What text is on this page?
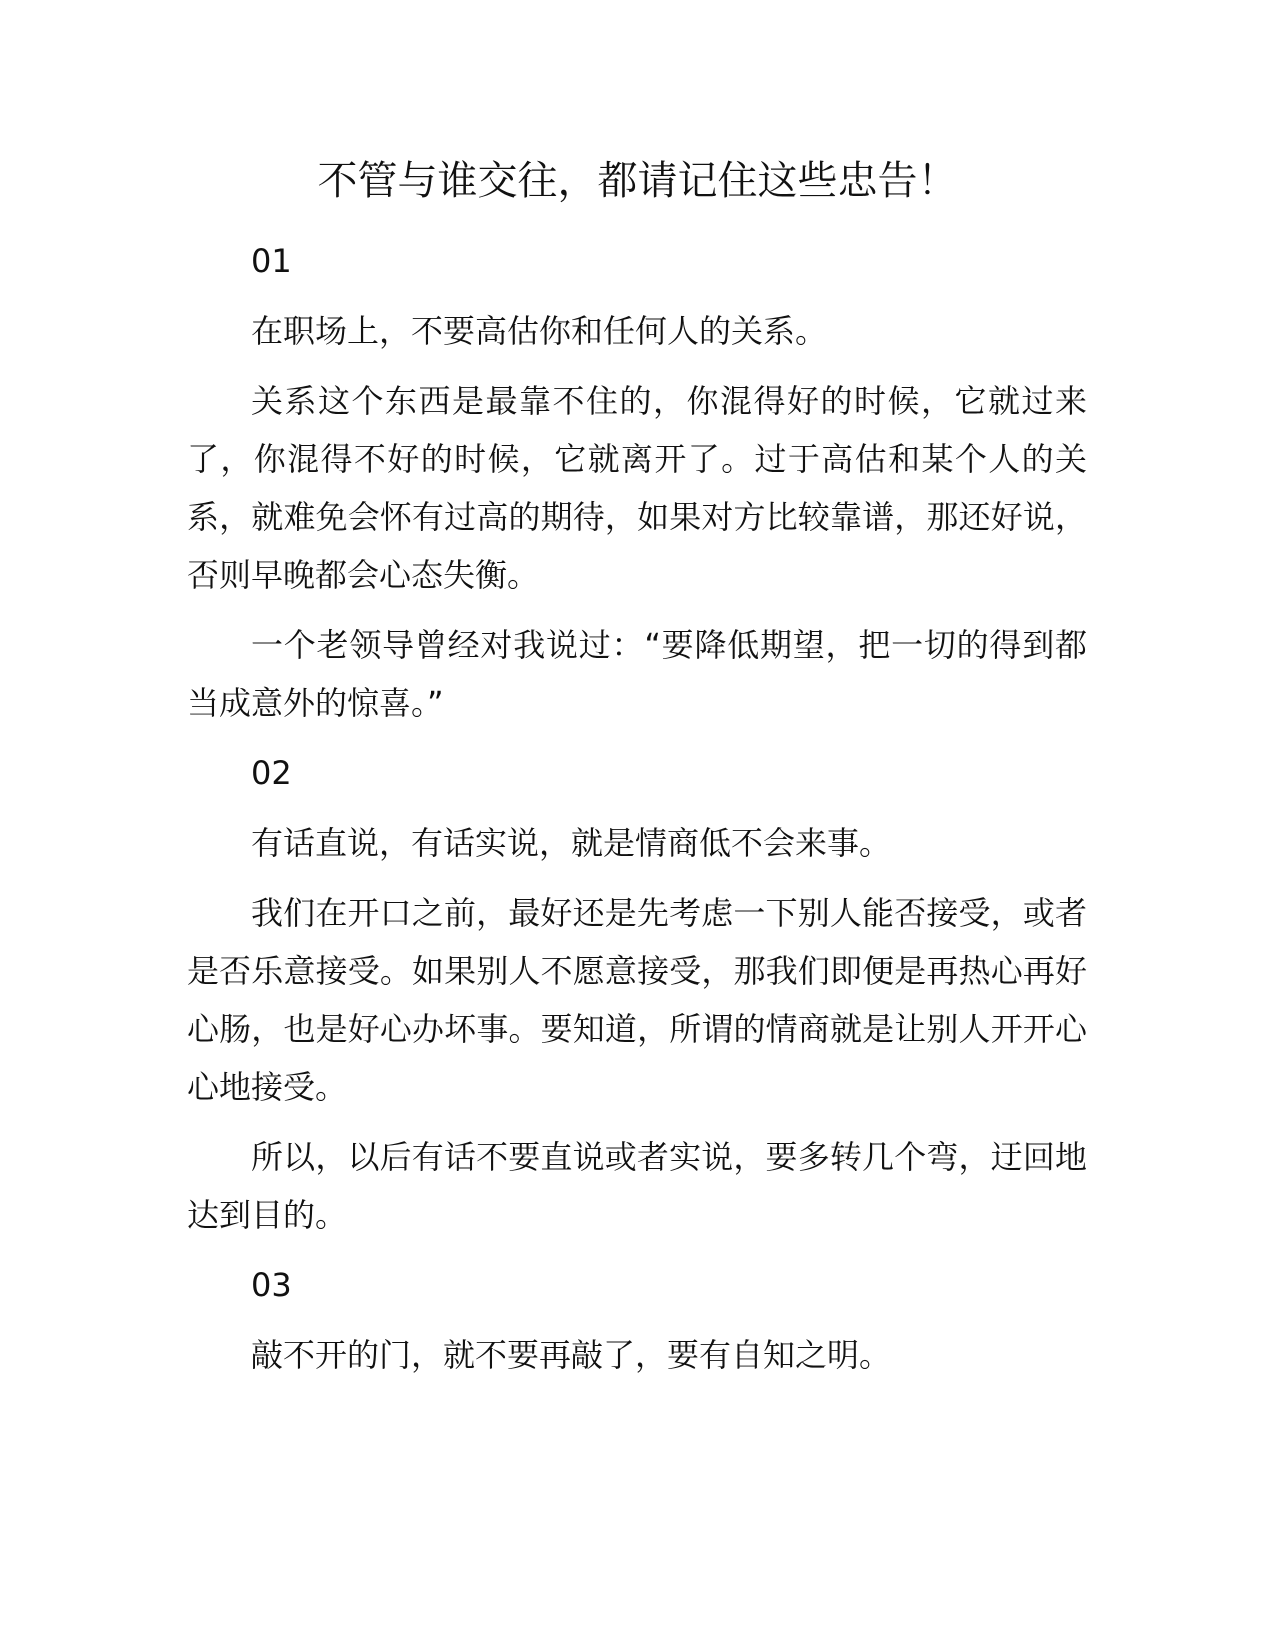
不管与谁交往，都请记住这些忠告！

01

在职场上，不要高估你和任何人的关系。

关系这个东西是最靠不住的，你混得好的时候，它就过来了，你混得不好的时候，它就离开了。过于高估和某个人的关系，就难免会怀有过高的期待，如果对方比较靠谱，那还好说，否则早晚都会心态失衡。

一个老领导曾经对我说过：“要降低期望，把一切的得到都当成意外的惊喜。”

02

有话直说，有话实说，就是情商低不会来事。

我们在开口之前，最好还是先考虑一下别人能否接受，或者是否乐意接受。如果别人不愿意接受，那我们即便是再热心再好心肠，也是好心办坏事。要知道，所谓的情商就是让别人开开心心地接受。

所以，以后有话不要直说或者实说，要多转几个弯，迂回地达到目的。

03

敲不开的门，就不要再敲了，要有自知之明。
